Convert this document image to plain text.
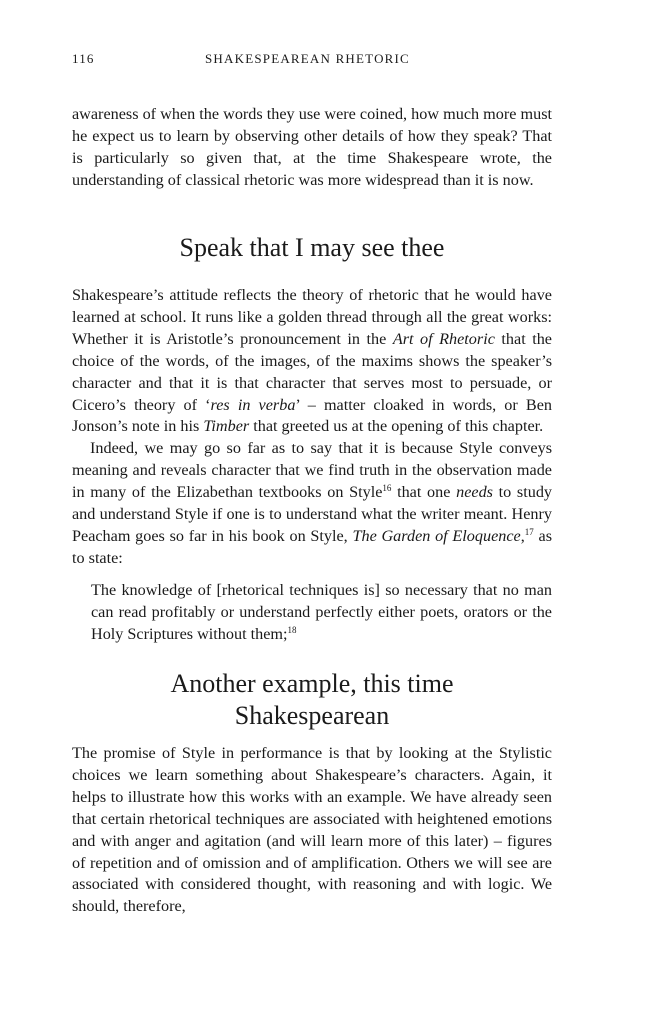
116	SHAKESPEAREAN RHETORIC

awareness of when the words they use were coined, how much more must he expect us to learn by observing other details of how they speak? That is particularly so given that, at the time Shakespeare wrote, the understanding of classical rhetoric was more widespread than it is now.

Speak that I may see thee

Shakespeare’s attitude reflects the theory of rhetoric that he would have learned at school. It runs like a golden thread through all the great works: Whether it is Aristotle’s pronouncement in the Art of Rhetoric that the choice of the words, of the images, of the maxims shows the speaker’s character and that it is that character that serves most to persuade, or Cicero’s theory of ‘res in verba’ – matter cloaked in words, or Ben Jonson’s note in his Timber that greeted us at the opening of this chapter.

Indeed, we may go so far as to say that it is because Style conveys meaning and reveals character that we find truth in the observation made in many of the Elizabethan textbooks on Style$^{16}$ that one needs to study and understand Style if one is to understand what the writer meant. Henry Peacham goes so far in his book on Style, The Garden of Eloquence,$^{17}$ as to state:

The knowledge of [rhetorical techniques is] so necessary that no man can read profitably or understand perfectly either poets, orators or the Holy Scriptures without them;$^{18}$

Another example, this time
Shakespearean

The promise of Style in performance is that by looking at the Stylistic choices we learn something about Shakespeare’s characters. Again, it helps to illustrate how this works with an example. We have already seen that certain rhetorical techniques are associated with heightened emotions and with anger and agitation (and will learn more of this later) – figures of repetition and of omission and of amplification. Others we will see are associated with considered thought, with reasoning and with logic. We should, therefore,
